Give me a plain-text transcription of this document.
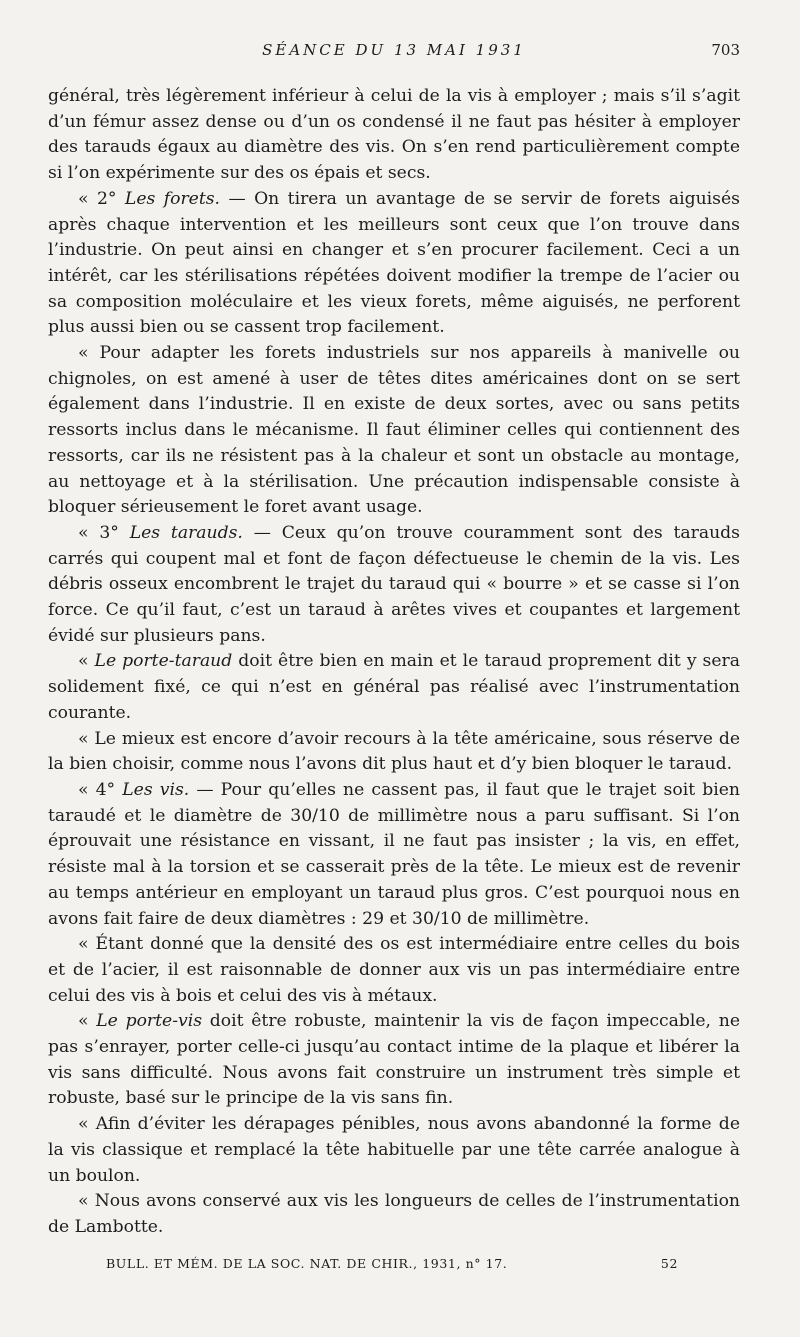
SÉANCE DU 13 MAI 1931	703

général, très légèrement inférieur à celui de la vis à employer ; mais s’il s’agit d’un fémur assez dense ou d’un os condensé il ne faut pas hésiter à employer des tarauds égaux au diamètre des vis. On s’en rend particulièrement compte si l’on expérimente sur des os épais et secs.

« 2° Les forets. — On tirera un avantage de se servir de forets aiguisés après chaque intervention et les meilleurs sont ceux que l’on trouve dans l’industrie. On peut ainsi en changer et s’en procurer facilement. Ceci a un intérêt, car les stérilisations répétées doivent modifier la trempe de l’acier ou sa composition moléculaire et les vieux forets, même aiguisés, ne perforent plus aussi bien ou se cassent trop facilement.

« Pour adapter les forets industriels sur nos appareils à manivelle ou chignoles, on est amené à user de têtes dites américaines dont on se sert également dans l’industrie. Il en existe de deux sortes, avec ou sans petits ressorts inclus dans le mécanisme. Il faut éliminer celles qui contiennent des ressorts, car ils ne résistent pas à la chaleur et sont un obstacle au montage, au nettoyage et à la stérilisation. Une précaution indispensable consiste à bloquer sérieusement le foret avant usage.

« 3° Les tarauds. — Ceux qu’on trouve couramment sont des tarauds carrés qui coupent mal et font de façon défectueuse le chemin de la vis. Les débris osseux encombrent le trajet du taraud qui « bourre » et se casse si l’on force. Ce qu’il faut, c’est un taraud à arêtes vives et coupantes et largement évidé sur plusieurs pans.

« Le porte-taraud doit être bien en main et le taraud proprement dit y sera solidement fixé, ce qui n’est en général pas réalisé avec l’instrumentation courante.

« Le mieux est encore d’avoir recours à la tête américaine, sous réserve de la bien choisir, comme nous l’avons dit plus haut et d’y bien bloquer le taraud.

« 4° Les vis. — Pour qu’elles ne cassent pas, il faut que le trajet soit bien taraudé et le diamètre de 30/10 de millimètre nous a paru suffisant. Si l’on éprouvait une résistance en vissant, il ne faut pas insister ; la vis, en effet, résiste mal à la torsion et se casserait près de la tête. Le mieux est de revenir au temps antérieur en employant un taraud plus gros. C’est pourquoi nous en avons fait faire de deux diamètres : 29 et 30/10 de millimètre.

« Étant donné que la densité des os est intermédiaire entre celles du bois et de l’acier, il est raisonnable de donner aux vis un pas intermédiaire entre celui des vis à bois et celui des vis à métaux.

« Le porte-vis doit être robuste, maintenir la vis de façon impeccable, ne pas s’enrayer, porter celle-ci jusqu’au contact intime de la plaque et libérer la vis sans difficulté. Nous avons fait construire un instrument très simple et robuste, basé sur le principe de la vis sans fin.

« Afin d’éviter les dérapages pénibles, nous avons abandonné la forme de la vis classique et remplacé la tête habituelle par une tête carrée analogue à un boulon.

« Nous avons conservé aux vis les longueurs de celles de l’instrumentation de Lambotte.

BULL. ET MÉM. DE LA SOC. NAT. DE CHIR., 1931, n° 17.	52
